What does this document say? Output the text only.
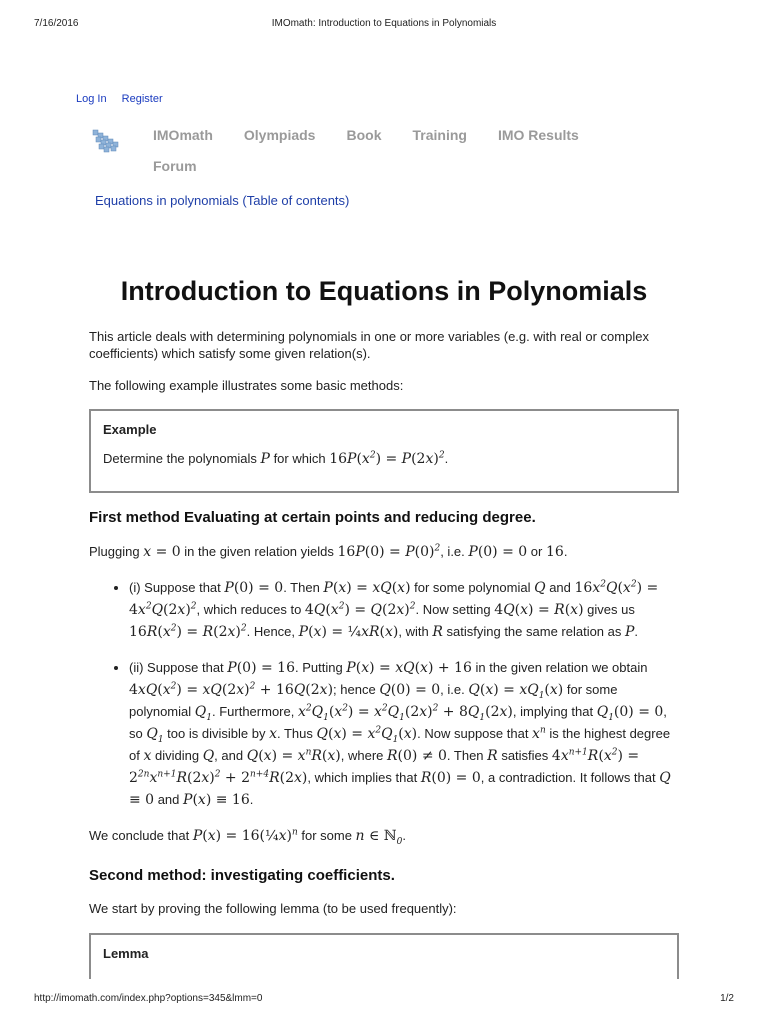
7/16/2016	IMOmath: Introduction to Equations in Polynomials
Log In Register
IMOmath Olympiads Book Training IMO Results
Forum
Equations in polynomials (Table of contents)
Introduction to Equations in Polynomials

This article deals with determining polynomials in one or more variables (e.g. with real or complex coefficients) which satisfy some given relation(s).

The following example illustrates some basic methods:

Example
Determine the polynomials P for which $16P(x^2) = P(2x)^2$.
First method Evaluating at certain points and reducing degree.

Plugging x = 0 in the given relation yields $16P(0) = P(0)^2$, i.e. P(0) = 0 or 16.

• (i) Suppose that P(0) = 0. Then P(x) = xQ(x) for some polynomial Q and $16x^2Q(x^2) = 4x^2Q(2x)^2$, which reduces to $4Q(x^2) = Q(2x)^2$. Now setting 4Q(x) = R(x) gives us $16R(x^2) = R(2x)^2$. Hence, P(x) = ¼xR(x), with R satisfying the same relation as P.
• (ii) Suppose that P(0) = 16. Putting P(x) = xQ(x) + 16 in the given relation we obtain $4xQ(x^2) = xQ(2x)^2 + 16Q(2x)$; hence Q(0) = 0, i.e. $Q(x) = xQ_1(x)$ for some polynomial $Q_1$. Furthermore, $x^2Q_1(x^2) = x^2Q_1(2x)^2 + 8Q_1(2x)$, implying that $Q_1(0) = 0$, so $Q_1$ too is divisible by x. Thus $Q(x) = x^2Q_1(x)$. Now suppose that $x^n$ is the highest degree of x dividing Q, and $Q(x) = x^nR(x)$, where R(0) ≠ 0. Then R satisfies $4x^{n+1}R(x^2) = 2^{2n}x^{n+1}R(2x)^2 + 2^{n+4}R(2x)$, which implies that R(0) = 0, a contradiction. It follows that Q ≡ 0 and P(x) ≡ 16.

We conclude that P(x) = 16(¼x)$^n$ for some n ∈ ℕ$_0$.

Second method: investigating coefficients.

We start by proving the following lemma (to be used frequently):

Lemma
http://imomath.com/index.php?options=345&lmm=0	1/2
